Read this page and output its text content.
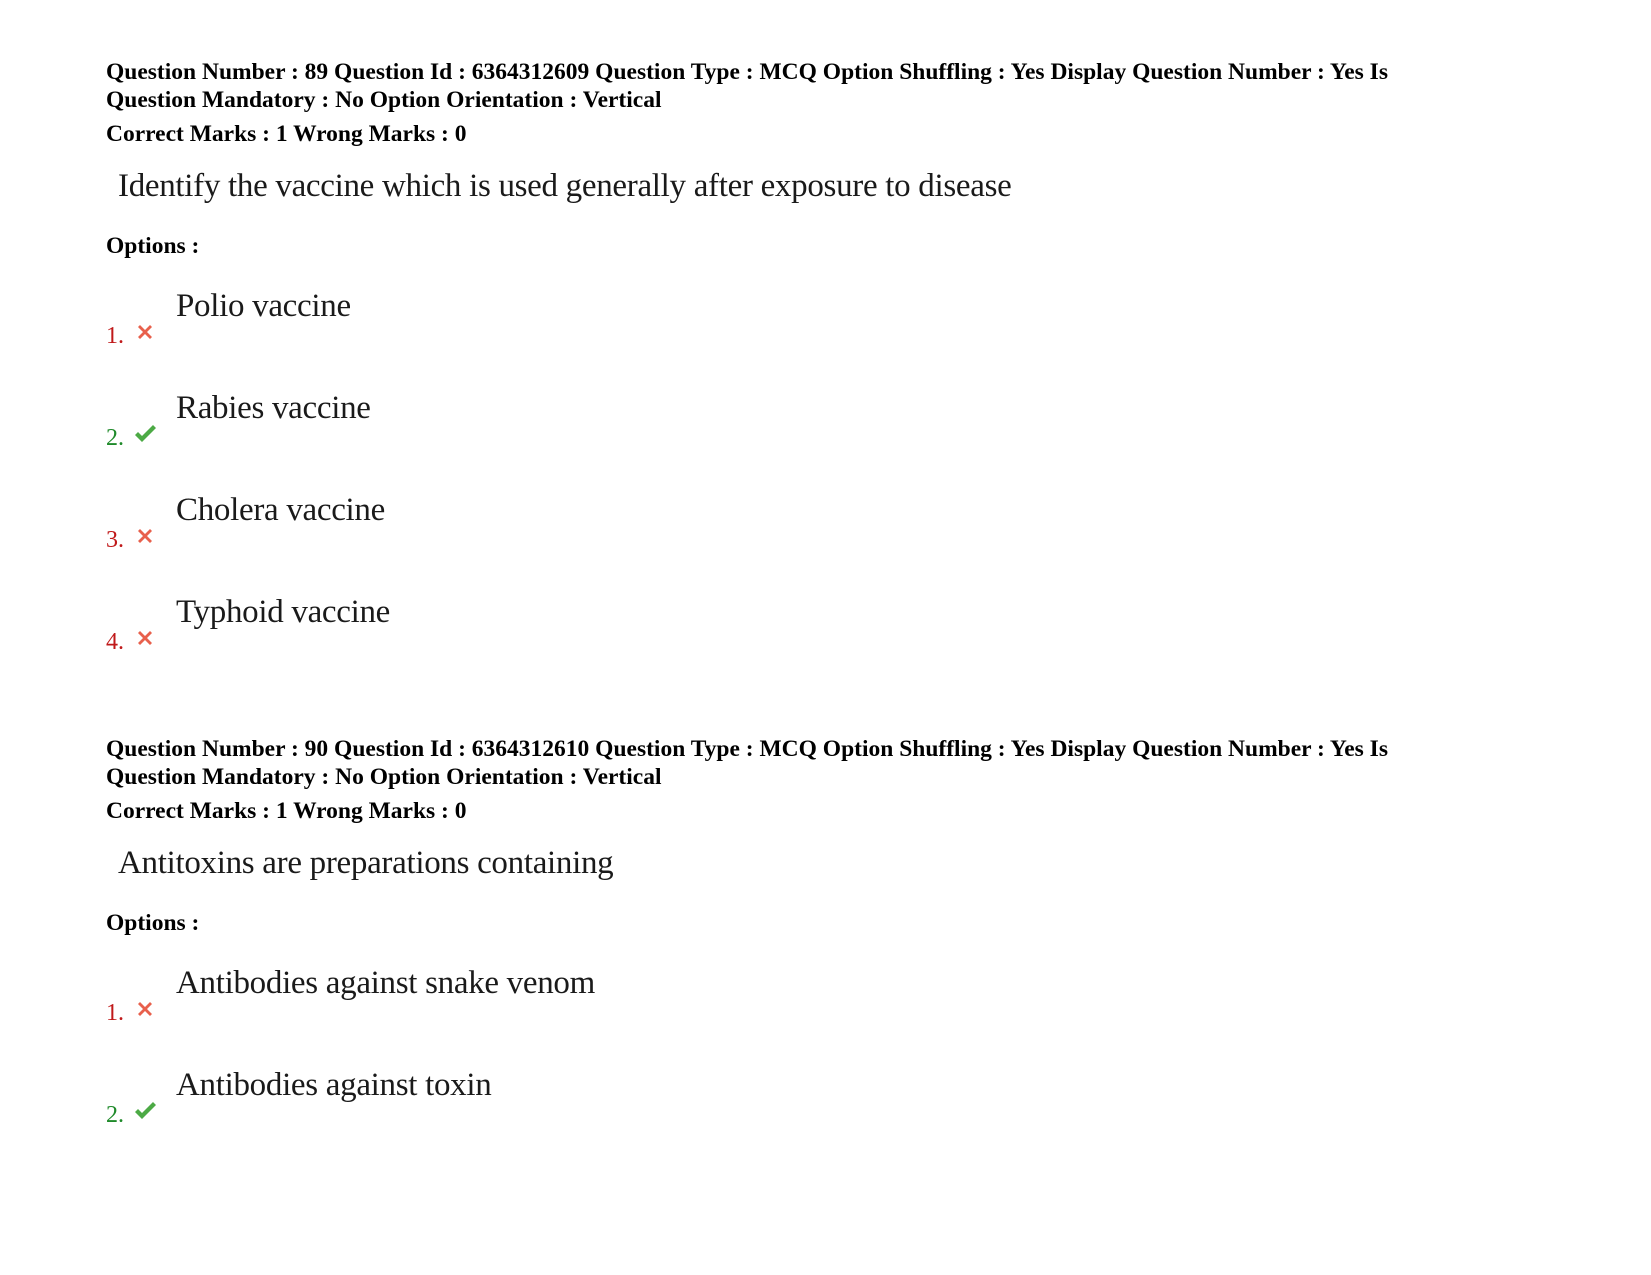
Question Number : 89 Question Id : 6364312609 Question Type : MCQ Option Shuffling : Yes Display Question Number : Yes Is
Question Mandatory : No Option Orientation : Vertical
Correct Marks : 1 Wrong Marks : 0
Identify the vaccine which is used generally after exposure to disease
Options :
1.
Polio vaccine
2.
Rabies vaccine
3.
Cholera vaccine
4.
Typhoid vaccine
Question Number : 90 Question Id : 6364312610 Question Type : MCQ Option Shuffling : Yes Display Question Number : Yes Is
Question Mandatory : No Option Orientation : Vertical
Correct Marks : 1 Wrong Marks : 0
Antitoxins are preparations containing
Options :
1.
Antibodies against snake venom
2.
Antibodies against toxin
